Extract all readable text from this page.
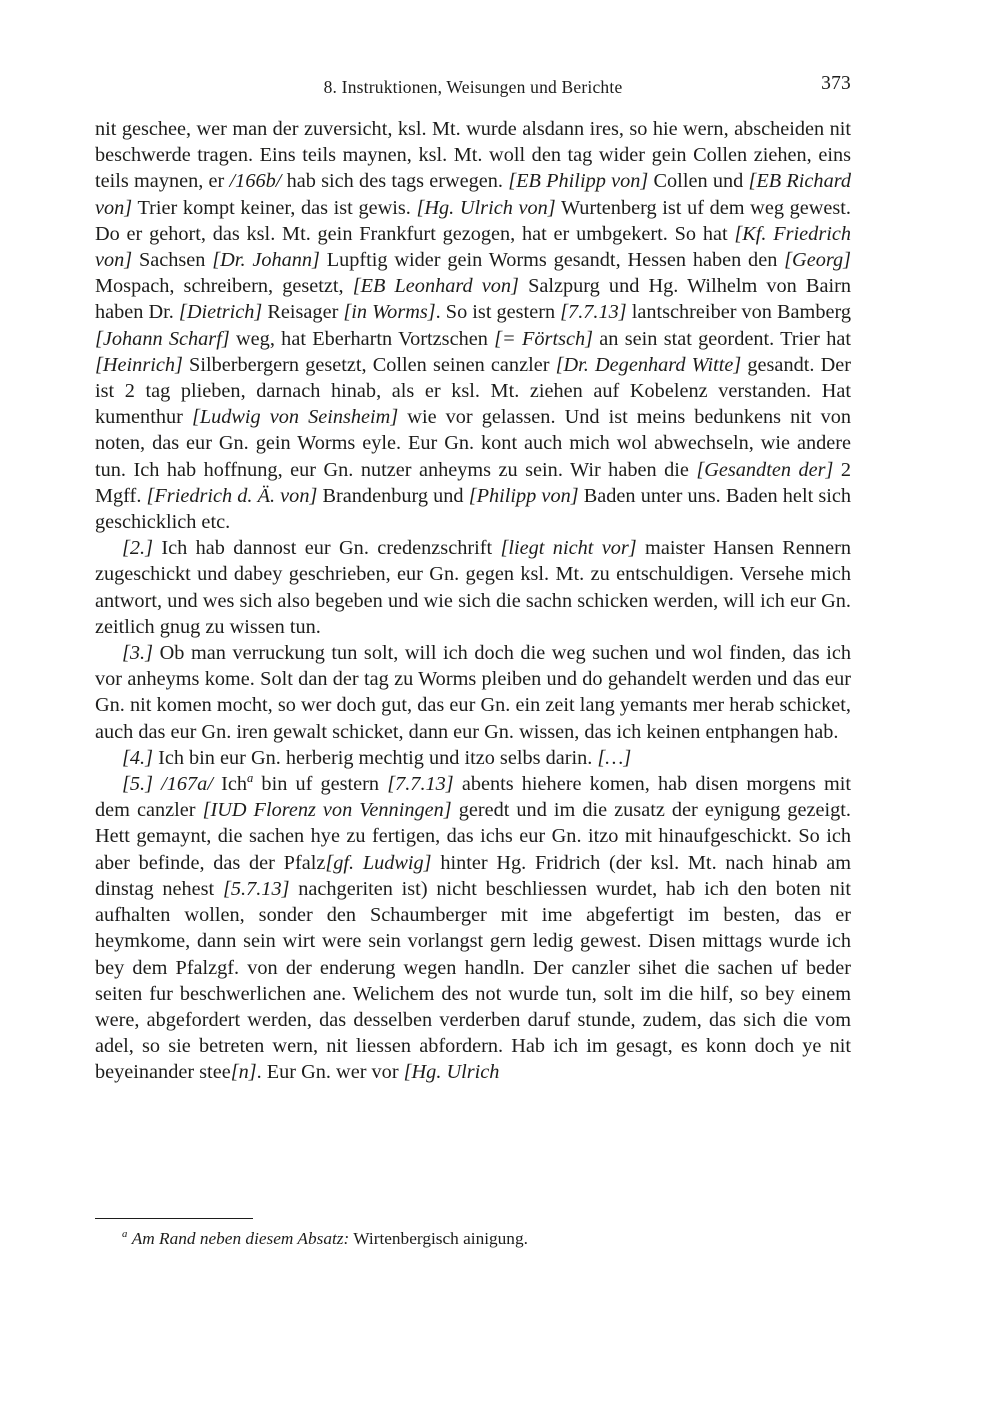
8. Instruktionen, Weisungen und Berichte	373

nit geschee, wer man der zuversicht, ksl. Mt. wurde alsdann ires, so hie wern, abscheiden nit beschwerde tragen. Eins teils maynen, ksl. Mt. woll den tag wider gein Collen ziehen, eins teils maynen, er /166b/ hab sich des tags erwegen. [EB Philipp von] Collen und [EB Richard von] Trier kompt keiner, das ist gewis. [Hg. Ulrich von] Wurtenberg ist uf dem weg gewest. Do er gehort, das ksl. Mt. gein Frankfurt gezogen, hat er umbgekert. So hat [Kf. Friedrich von] Sachsen [Dr. Johann] Lupftig wider gein Worms gesandt, Hessen haben den [Georg] Mospach, schreibern, gesetzt, [EB Leonhard von] Salzpurg und Hg. Wilhelm von Bairn haben Dr. [Dietrich] Reisager [in Worms]. So ist gestern [7.7.13] lantschreiber von Bamberg [Johann Scharf] weg, hat Eberhartn Vortzschen [= Förtsch] an sein stat geordent. Trier hat [Heinrich] Silberbergern gesetzt, Collen seinen canzler [Dr. Degenhard Witte] gesandt. Der ist 2 tag plieben, darnach hinab, als er ksl. Mt. ziehen auf Kobelenz verstanden. Hat kumenthur [Ludwig von Seinsheim] wie vor gelassen. Und ist meins bedunkens nit von noten, das eur Gn. gein Worms eyle. Eur Gn. kont auch mich wol abwechseln, wie andere tun. Ich hab hoffnung, eur Gn. nutzer anheyms zu sein. Wir haben die [Gesandten der] 2 Mgff. [Friedrich d. Ä. von] Brandenburg und [Philipp von] Baden unter uns. Baden helt sich geschicklich etc.

[2.] Ich hab dannost eur Gn. credenzschrift [liegt nicht vor] maister Hansen Rennern zugeschickt und dabey geschrieben, eur Gn. gegen ksl. Mt. zu entschuldigen. Versehe mich antwort, und wes sich also begeben und wie sich die sachn schicken werden, will ich eur Gn. zeitlich gnug zu wissen tun.

[3.] Ob man verruckung tun solt, will ich doch die weg suchen und wol finden, das ich vor anheyms kome. Solt dan der tag zu Worms pleiben und do gehandelt werden und das eur Gn. nit komen mocht, so wer doch gut, das eur Gn. ein zeit lang yemants mer herab schicket, auch das eur Gn. iren gewalt schicket, dann eur Gn. wissen, das ich keinen entphangen hab.

[4.] Ich bin eur Gn. herberig mechtig und itzo selbs darin. […]

[5.] /167a/ Ich$^a$ bin uf gestern [7.7.13] abents hiehere komen, hab disen morgens mit dem canzler [IUD Florenz von Venningen] geredt und im die zusatz der eynigung gezeigt. Hett gemaynt, die sachen hye zu fertigen, das ichs eur Gn. itzo mit hinaufgeschickt. So ich aber befinde, das der Pfalz[gf. Ludwig] hinter Hg. Fridrich (der ksl. Mt. nach hinab am dinstag nehest [5.7.13] nachgeriten ist) nicht beschliessen wurdet, hab ich den boten nit aufhalten wollen, sonder den Schaumberger mit ime abgefertigt im besten, das er heymkome, dann sein wirt were sein vorlangst gern ledig gewest. Disen mittags wurde ich bey dem Pfalzgf. von der enderung wegen handln. Der canzler sihet die sachen uf beder seiten fur beschwerlichen ane. Welichem des not wurde tun, solt im die hilf, so bey einem were, abgefordert werden, das desselben verderben daruf stunde, zudem, das sich die vom adel, so sie betreten wern, nit liessen abfordern. Hab ich im gesagt, es konn doch ye nit beyeinander stee[n]. Eur Gn. wer vor [Hg. Ulrich

$^a$ Am Rand neben diesem Absatz: Wirtenbergisch ainigung.
